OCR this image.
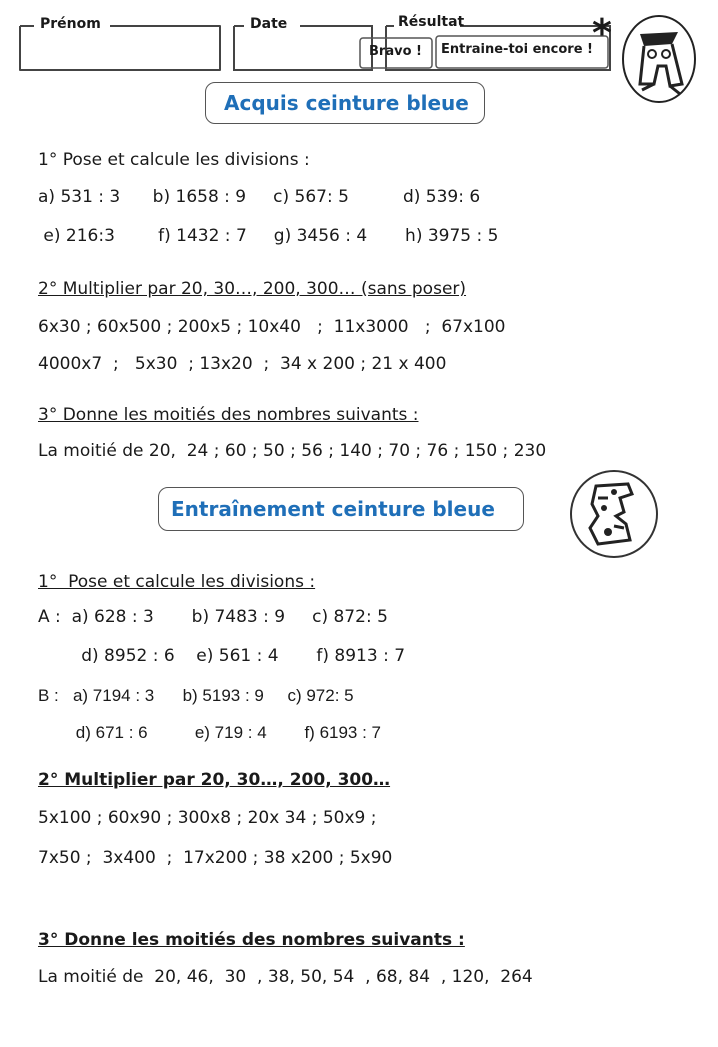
Prénom	Date	Résultat
Bravo ! Entraine-toi encore ! *
Acquis ceinture bleue
1° Pose et calcule les divisions :
a) 531 : 3      b) 1658 : 9     c) 567: 5          d) 539: 6
e) 216:3        f) 1432 : 7     g) 3456 : 4       h) 3975 : 5
2° Multiplier par 20, 30…, 200, 300… (sans poser)
6x30 ; 60x500 ; 200x5 ; 10x40   ;  11x3000   ;  67x100
4000x7  ;   5x30  ; 13x20  ;  34 x 200 ; 21 x 400
3° Donne les moitiés des nombres suivants :
La moitié de 20,  24 ; 60 ; 50 ; 56 ; 140 ; 70 ; 76 ; 150 ; 230
Entraînement ceinture bleue
1°  Pose et calcule les divisions :
A :  a) 628 : 3       b) 7483 : 9     c) 872: 5
d) 8952 : 6    e) 561 : 4       f) 8913 : 7
B :   a) 7194 : 3      b) 5193 : 9     c) 972: 5
d) 671 : 6          e) 719 : 4        f) 6193 : 7
2° Multiplier par 20, 30…, 200, 300…
5x100 ; 60x90 ; 300x8 ; 20x 34 ; 50x9 ;
7x50 ;  3x400  ;  17x200 ; 38 x200 ; 5x90
3° Donne les moitiés des nombres suivants :
La moitié de  20, 46,  30  , 38, 50, 54  , 68, 84  , 120,  264
